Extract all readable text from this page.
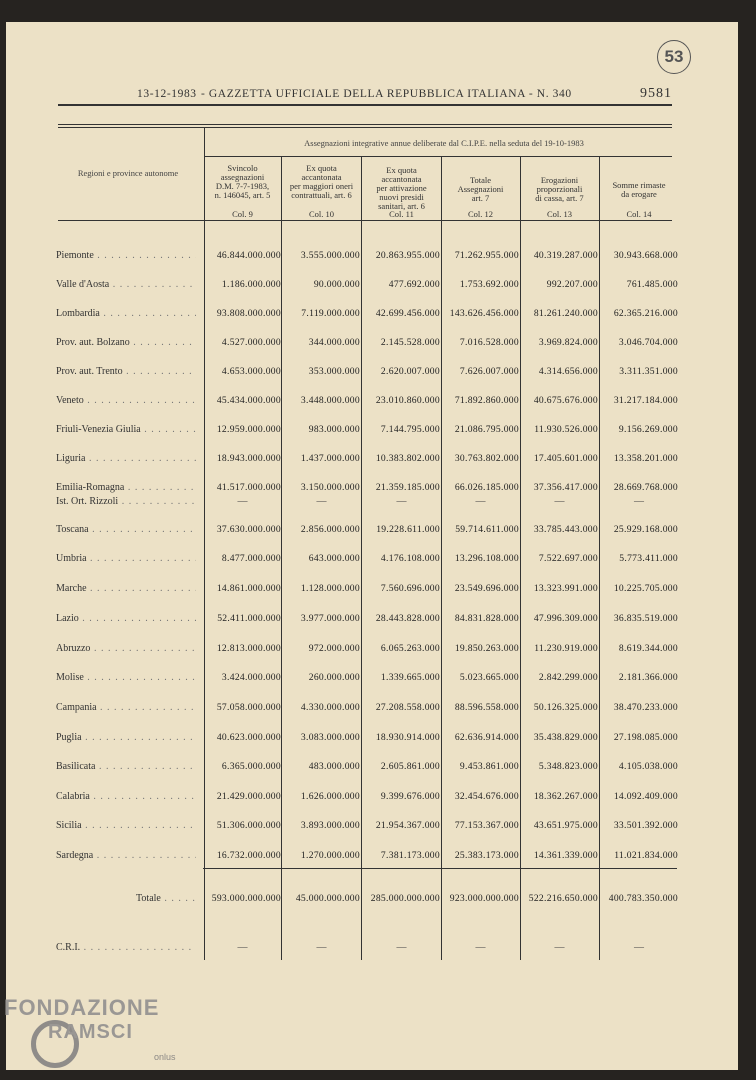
53
13-12-1983 - GAZZETTA UFFICIALE DELLA REPUBBLICA ITALIANA - N. 340	9581
Assegnazioni integrative annue deliberate dal C.I.P.E. nella seduta del 19-10-1983
Regioni e province autonome	Svincolo
assegnazioni
D.M. 7-7-1983,
n. 146045, art. 5
Col. 9
Ex quota
accantonata
per maggiori oneri
contrattuali, art. 6
Col. 10
Ex quota
accantonata
per attivazione
nuovi presidi
sanitari, art. 6
Col. 11
Totale
Assegnazioni
art. 7
Col. 12
Erogazioni
proporzionali
di cassa, art. 7
Col. 13
Somme rimaste
da erogare
Col. 14
Piemonte . . .	46.844.000.000	3.555.000.000	20.863.955.000	71.262.955.000	40.319.287.000	30.943.668.000
Valle d'Aosta . . .	1.186.000.000	90.000.000	477.692.000	1.753.692.000	992.207.000	761.485.000
Lombardia . . .	93.808.000.000	7.119.000.000	42.699.456.000	143.626.456.000	81.261.240.000	62.365.216.000
Prov. aut. Bolzano . . .	4.527.000.000	344.000.000	2.145.528.000	7.016.528.000	3.969.824.000	3.046.704.000
Prov. aut. Trento . . .	4.653.000.000	353.000.000	2.620.007.000	7.626.007.000	4.314.656.000	3.311.351.000
Veneto . . .	45.434.000.000	3.448.000.000	23.010.860.000	71.892.860.000	40.675.676.000	31.217.184.000
Friuli-Venezia Giulia . . .	12.959.000.000	983.000.000	7.144.795.000	21.086.795.000	11.930.526.000	9.156.269.000
Liguria . . .	18.943.000.000	1.437.000.000	10.383.802.000	30.763.802.000	17.405.601.000	13.358.201.000
Emilia-Romagna . . .	41.517.000.000	3.150.000.000	21.359.185.000	66.026.185.000	37.356.417.000	28.669.768.000
Ist. Ort. Rizzoli . . .	—	—	—	—	—	—
Toscana . . .	37.630.000.000	2.856.000.000	19.228.611.000	59.714.611.000	33.785.443.000	25.929.168.000
Umbria . . .	8.477.000.000	643.000.000	4.176.108.000	13.296.108.000	7.522.697.000	5.773.411.000
Marche . . .	14.861.000.000	1.128.000.000	7.560.696.000	23.549.696.000	13.323.991.000	10.225.705.000
Lazio . . .	52.411.000.000	3.977.000.000	28.443.828.000	84.831.828.000	47.996.309.000	36.835.519.000
Abruzzo . . .	12.813.000.000	972.000.000	6.065.263.000	19.850.263.000	11.230.919.000	8.619.344.000
Molise . . .	3.424.000.000	260.000.000	1.339.665.000	5.023.665.000	2.842.299.000	2.181.366.000
Campania . . .	57.058.000.000	4.330.000.000	27.208.558.000	88.596.558.000	50.126.325.000	38.470.233.000
Puglia . . .	40.623.000.000	3.083.000.000	18.930.914.000	62.636.914.000	35.438.829.000	27.198.085.000
Basilicata . . .	6.365.000.000	483.000.000	2.605.861.000	9.453.861.000	5.348.823.000	4.105.038.000
Calabria . . .	21.429.000.000	1.626.000.000	9.399.676.000	32.454.676.000	18.362.267.000	14.092.409.000
Sicilia . . .	51.306.000.000	3.893.000.000	21.954.367.000	77.153.367.000	43.651.975.000	33.501.392.000
Sardegna . . .	16.732.000.000	1.270.000.000	7.381.173.000	25.383.173.000	14.361.339.000	11.021.834.000
Totale . . .	593.000.000.000	45.000.000.000	285.000.000.000	923.000.000.000	522.216.650.000	400.783.350.000
C.R.I. . . .	—	—	—	—	—	—
FONDAZIONE
RAMSCI
onlus
